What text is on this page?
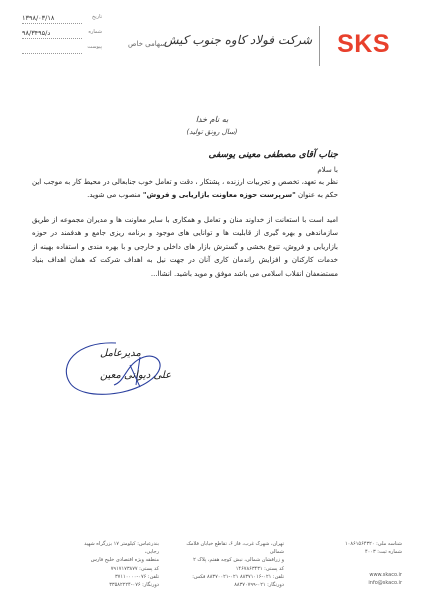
۱۳۹۸/۰۳/۱۸	تاریخ
۹۸/د/۳۴۹۵	شماره
پیوست	SKS
شرکت فولاد کاوه جنوب کیش
سهامی خاص
به نام خدا
(سال رونق تولید)
جناب آقای مصطفی معینی یوسفی
با سلام
نظر به تعهد، تخصص و تجربیات ارزنده ، پشتکار ، دقت و تعامل خوب جنابعالی در محیط کار به موجب این حکم به عنوان "سرپرست حوزه معاونت بازاریابی و فروش" منصوب می شوید.
امید است با استعانت از خداوند منان و تعامل و همکاری با سایر معاونت ها و مدیران مجموعه از طریق سازماندهی و بهره گیری از قابلیت ها و توانایی های موجود و برنامه ریزی جامع و هدفمند در حوزه بازاریابی و فروش، تنوع بخشی و گسترش بازار های داخلی و خارجی و با بهره مندی و استفاده بهینه از خدمات کارکنان و افزایش راندمان کاری آنان در جهت نیل به اهداف شرکت که همان اهداف بنیاد مستضعفان انقلاب اسلامی می باشد موفق و موید باشید. انشاا...
مدیرعامل
علی دیوانی معین
شناسه ملی: ۱۰۸۶۱۵۶۴۳۲۰
شماره ثبت: ۴۰۰۳
تهران، شهرک غرب، فاز ۶، تقاطع خیابان فلامک شمالی
و زرافشان شمالی، نبش کوچه هفتم، پلاک ۲
کد پستی: ۱۴۶۷۸۶۳۴۳۱
تلفن: ۰۲۱-۸۸۳۷۱۰۱۶ ۰۲۱-۸۸۳۷۰۰۲۱ فکس:
دورنگار: ۰۲۱-۸۸۳۷۰۷۹۹
بندرعباس: کیلومتر ۱۷ بزرگراه شهید رجایی،
منطقه ویژه اقتصادی خلیج فارس
کد پستی: ۷۹۱۷۱۷۳۸۷۷
تلفن: ۰۷۶-۳۷۱۱۰۰۰۰
دورنگار: ۰۷۶-۳۳۵۸۲۲۲۴
www.skaco.ir
info@skaco.ir
